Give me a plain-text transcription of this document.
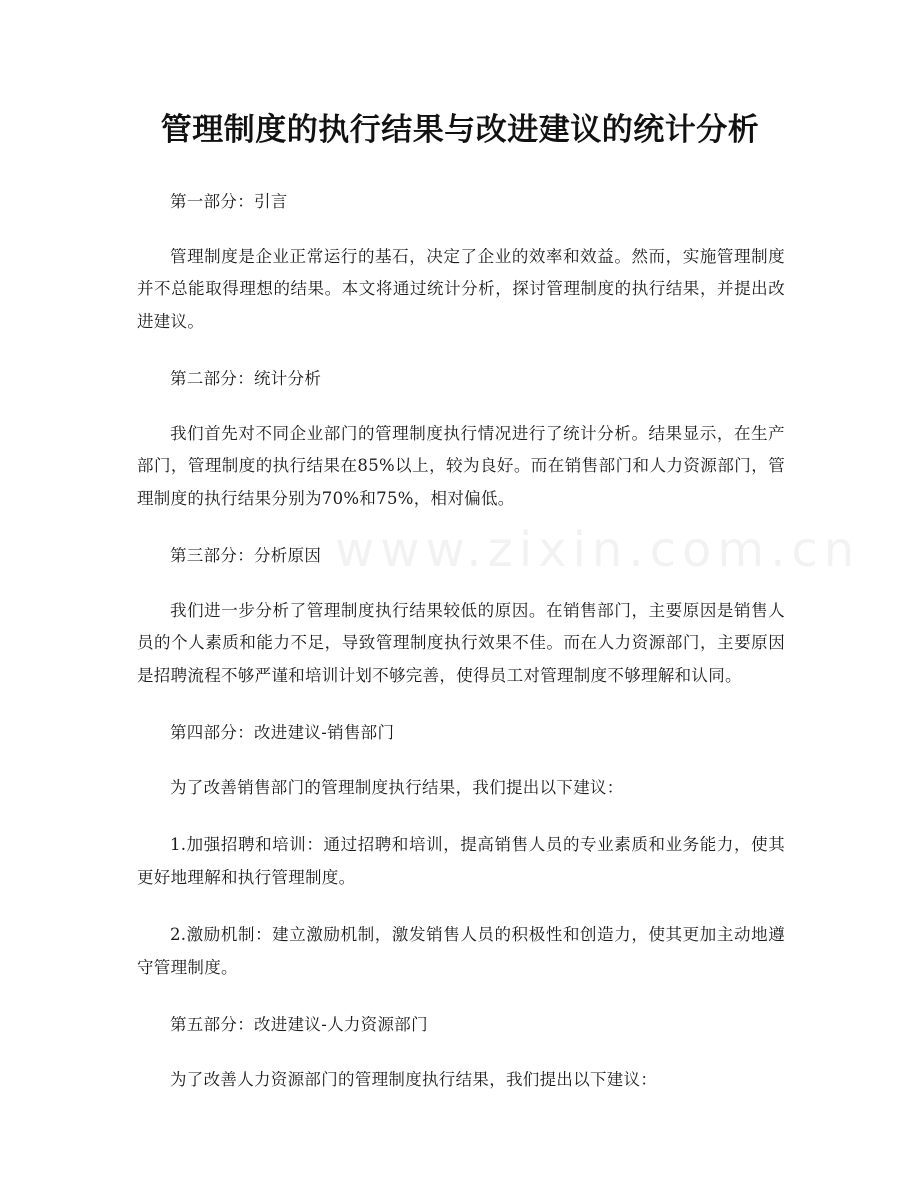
管理制度的执行结果与改进建议的统计分析
www.zixin.com.cn

第一部分：引言

管理制度是企业正常运行的基石，决定了企业的效率和效益。然而，实施管理制度并不总能取得理想的结果。本文将通过统计分析，探讨管理制度的执行结果，并提出改进建议。

第二部分：统计分析

我们首先对不同企业部门的管理制度执行情况进行了统计分析。结果显示，在生产部门，管理制度的执行结果在85%以上，较为良好。而在销售部门和人力资源部门，管理制度的执行结果分别为70%和75%，相对偏低。

第三部分：分析原因

我们进一步分析了管理制度执行结果较低的原因。在销售部门，主要原因是销售人员的个人素质和能力不足，导致管理制度执行效果不佳。而在人力资源部门，主要原因是招聘流程不够严谨和培训计划不够完善，使得员工对管理制度不够理解和认同。

第四部分：改进建议-销售部门

为了改善销售部门的管理制度执行结果，我们提出以下建议：

1.加强招聘和培训：通过招聘和培训，提高销售人员的专业素质和业务能力，使其更好地理解和执行管理制度。

2.激励机制：建立激励机制，激发销售人员的积极性和创造力，使其更加主动地遵守管理制度。

第五部分：改进建议-人力资源部门

为了改善人力资源部门的管理制度执行结果，我们提出以下建议：
